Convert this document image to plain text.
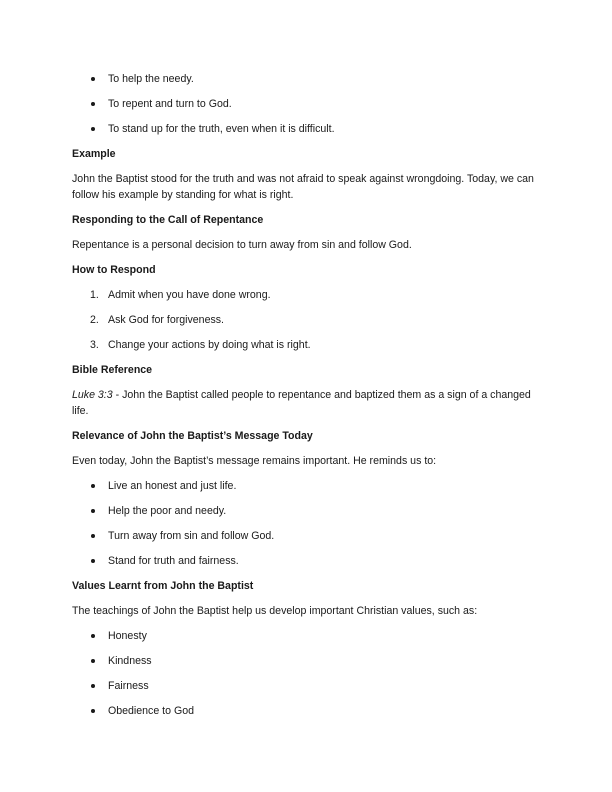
To help the needy.
To repent and turn to God.
To stand up for the truth, even when it is difficult.
Example
John the Baptist stood for the truth and was not afraid to speak against wrongdoing. Today, we can follow his example by standing for what is right.
Responding to the Call of Repentance
Repentance is a personal decision to turn away from sin and follow God.
How to Respond
1. Admit when you have done wrong.
2. Ask God for forgiveness.
3. Change your actions by doing what is right.
Bible Reference
Luke 3:3 - John the Baptist called people to repentance and baptized them as a sign of a changed life.
Relevance of John the Baptist’s Message Today
Even today, John the Baptist’s message remains important. He reminds us to:
Live an honest and just life.
Help the poor and needy.
Turn away from sin and follow God.
Stand for truth and fairness.
Values Learnt from John the Baptist
The teachings of John the Baptist help us develop important Christian values, such as:
Honesty
Kindness
Fairness
Obedience to God
